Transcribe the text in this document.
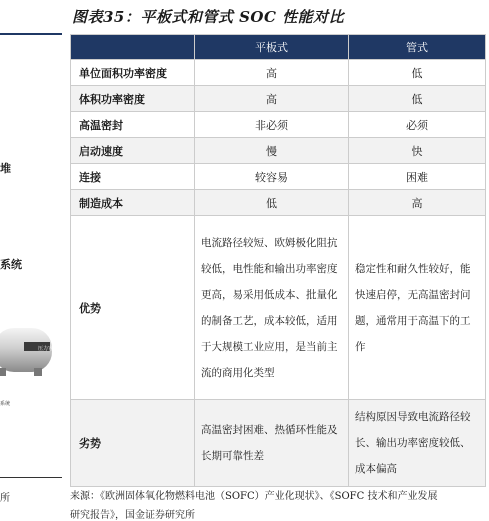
堆
系统
压力容器
系统
所
图表35：平板式和管式 SOC 性能对比
	平板式	管式
单位面积功率密度	高	低
体积功率密度	高	低
高温密封	非必须	必须
启动速度	慢	快
连接	较容易	困难
制造成本	低	高
优势	电流路径较短、欧姆极化阻抗较低，电性能和输出功率密度更高，易采用低成本、批量化的制备工艺，成本较低，适用于大规模工业应用，是当前主流的商用化类型	稳定性和耐久性较好，能快速启停，无高温密封问题，通常用于高温下的工作
劣势	高温密封困难、热循环性能及长期可靠性差	结构原因导致电流路径较长、输出功率密度较低、成本偏高
来源：《欧洲固体氧化物燃料电池（SOFC）产业化现状》、《SOFC 技术和产业发展
研究报告》，国金证券研究所
